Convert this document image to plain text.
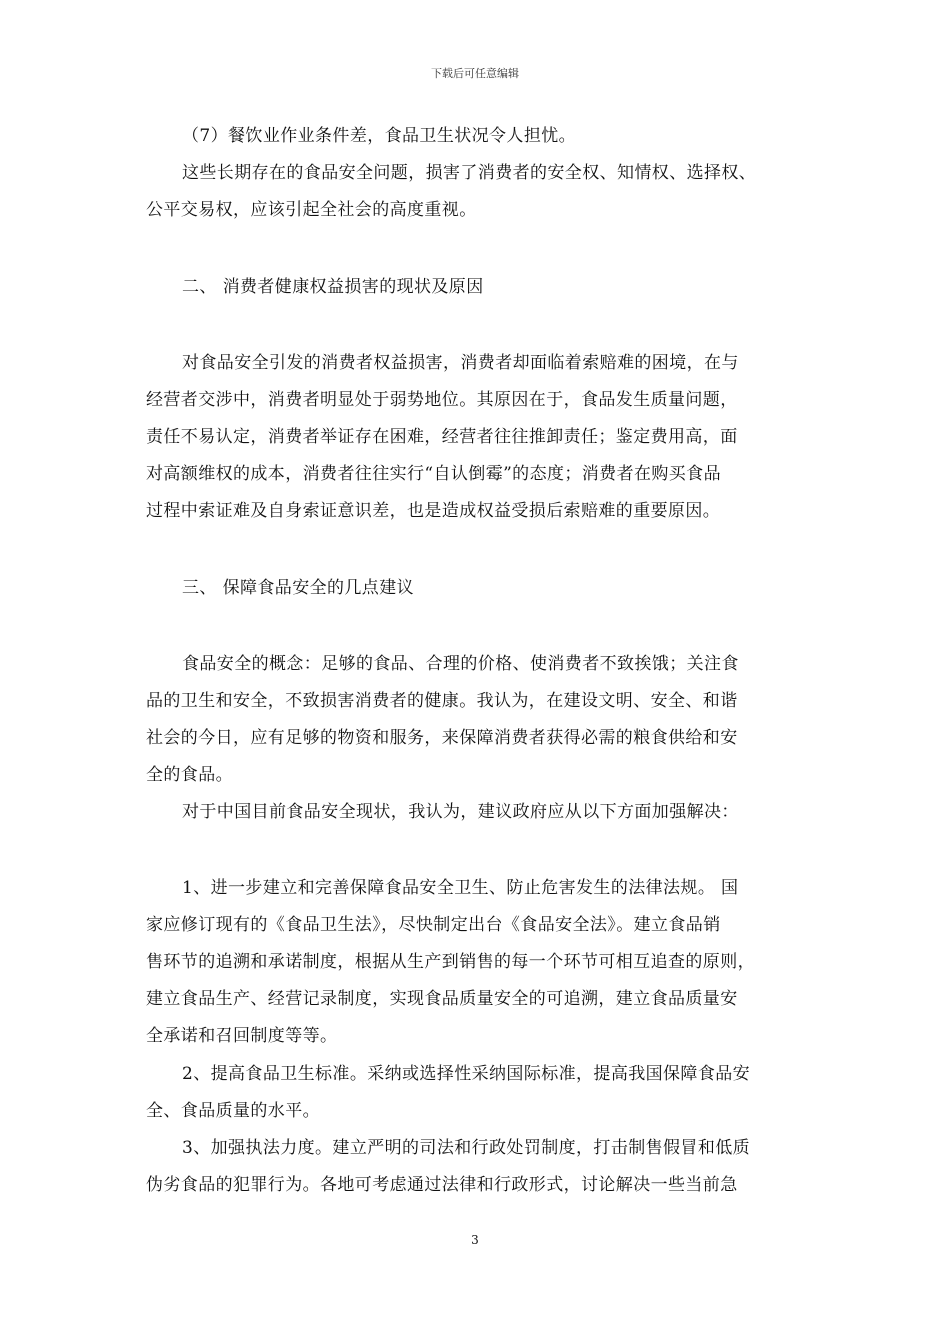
下载后可任意编辑
（7）餐饮业作业条件差，食品卫生状况令人担忧。
这些长期存在的食品安全问题，损害了消费者的安全权、知情权、选择权、
公平交易权，应该引起全社会的高度重视。
二、 消费者健康权益损害的现状及原因
对食品安全引发的消费者权益损害，消费者却面临着索赔难的困境，在与
经营者交涉中，消费者明显处于弱势地位。其原因在于，食品发生质量问题，
责任不易认定，消费者举证存在困难，经营者往往推卸责任；鉴定费用高，面
对高额维权的成本，消费者往往实行“自认倒霉”的态度；消费者在购买食品
过程中索证难及自身索证意识差，也是造成权益受损后索赔难的重要原因。
三、 保障食品安全的几点建议
食品安全的概念：足够的食品、合理的价格、使消费者不致挨饿；关注食
品的卫生和安全，不致损害消费者的健康。我认为，在建设文明、安全、和谐
社会的今日，应有足够的物资和服务，来保障消费者获得必需的粮食供给和安
全的食品。
对于中国目前食品安全现状，我认为，建议政府应从以下方面加强解决：
1、进一步建立和完善保障食品安全卫生、防止危害发生的法律法规。 国
家应修订现有的《食品卫生法》，尽快制定出台《食品安全法》。建立食品销
售环节的追溯和承诺制度，根据从生产到销售的每一个环节可相互追查的原则，
建立食品生产、经营记录制度，实现食品质量安全的可追溯，建立食品质量安
全承诺和召回制度等等。
2、提高食品卫生标准。采纳或选择性采纳国际标准，提高我国保障食品安
全、食品质量的水平。
3、加强执法力度。建立严明的司法和行政处罚制度，打击制售假冒和低质
伪劣食品的犯罪行为。各地可考虑通过法律和行政形式，讨论解决一些当前急
3
